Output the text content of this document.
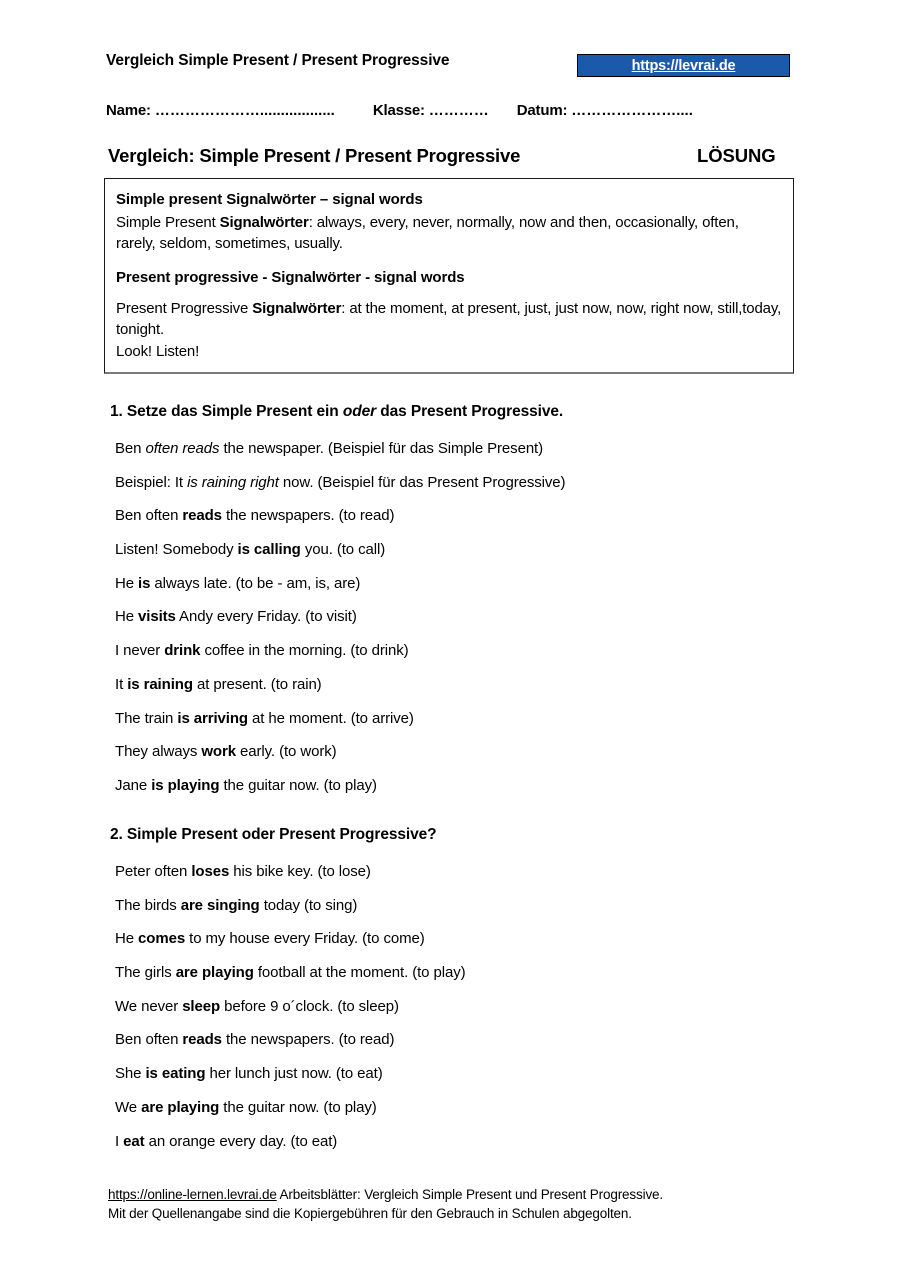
Vergleich Simple Present / Present Progressive	https://levrai.de
Name: …………………..................	Klasse: ………… Datum: …………………....
Vergleich: Simple Present / Present Progressive	LÖSUNG
Simple present Signalwörter – signal words
Simple Present Signalwörter: always, every, never, normally, now and then, occasionally, often, rarely, seldom, sometimes, usually.
Present progressive - Signalwörter - signal words
Present Progressive Signalwörter: at the moment, at present, just, just now, now, right now, still,today, tonight.
Look! Listen!
1. Setze das Simple Present ein oder das Present Progressive.
Ben often reads the newspaper. (Beispiel für das Simple Present)
Beispiel: It is raining right now. (Beispiel für das Present Progressive)
Ben often reads the newspapers. (to read)
Listen! Somebody is calling you. (to call)
He is always late. (to be - am, is, are)
He visits Andy every Friday. (to visit)
I never drink coffee in the morning. (to drink)
It is raining at present. (to rain)
The train is arriving at he moment. (to arrive)
They always work early. (to work)
Jane is playing the guitar now. (to play)
2. Simple Present oder Present Progressive?
Peter often loses his bike key. (to lose)
The birds are singing today (to sing)
He comes to my house every Friday. (to come)
The girls are playing football at the moment. (to play)
We never sleep before 9 o´clock. (to sleep)
Ben often reads the newspapers. (to read)
She is eating her lunch just now. (to eat)
We are playing the guitar now. (to play)
I eat an orange every day. (to eat)
https://online-lernen.levrai.de Arbeitsblätter: Vergleich Simple Present und Present Progressive.
Mit der Quellenangabe sind die Kopiergebühren für den Gebrauch in Schulen abgegolten.
